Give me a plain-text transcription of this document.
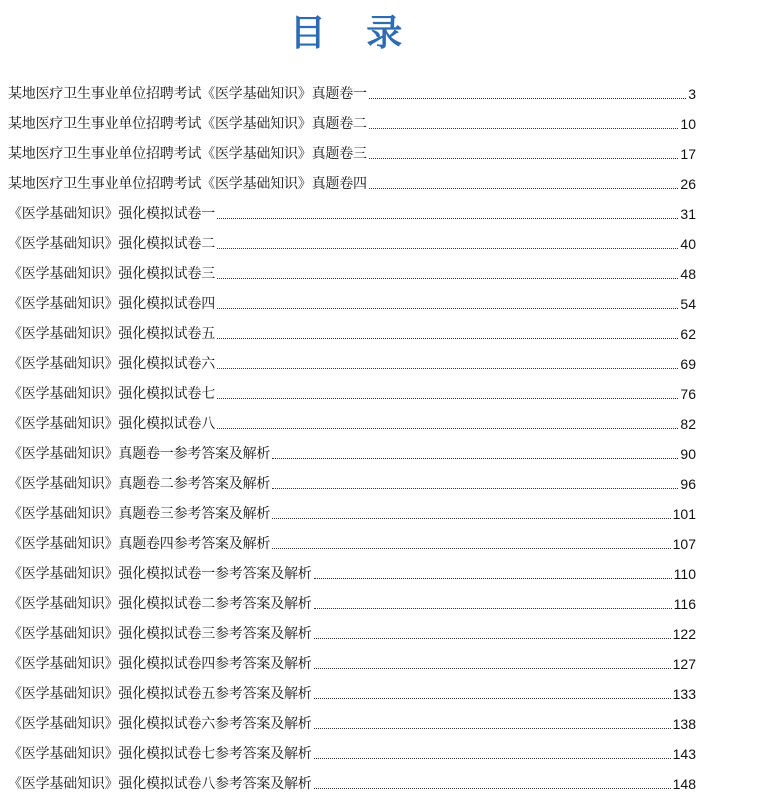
目 录
某地医疗卫生事业单位招聘考试《医学基础知识》真题卷一	3
某地医疗卫生事业单位招聘考试《医学基础知识》真题卷二	10
某地医疗卫生事业单位招聘考试《医学基础知识》真题卷三	17
某地医疗卫生事业单位招聘考试《医学基础知识》真题卷四	26
《医学基础知识》强化模拟试卷一	31
《医学基础知识》强化模拟试卷二	40
《医学基础知识》强化模拟试卷三	48
《医学基础知识》强化模拟试卷四	54
《医学基础知识》强化模拟试卷五	62
《医学基础知识》强化模拟试卷六	69
《医学基础知识》强化模拟试卷七	76
《医学基础知识》强化模拟试卷八	82
《医学基础知识》真题卷一参考答案及解析	90
《医学基础知识》真题卷二参考答案及解析	96
《医学基础知识》真题卷三参考答案及解析	101
《医学基础知识》真题卷四参考答案及解析	107
《医学基础知识》强化模拟试卷一参考答案及解析	110
《医学基础知识》强化模拟试卷二参考答案及解析	116
《医学基础知识》强化模拟试卷三参考答案及解析	122
《医学基础知识》强化模拟试卷四参考答案及解析	127
《医学基础知识》强化模拟试卷五参考答案及解析	133
《医学基础知识》强化模拟试卷六参考答案及解析	138
《医学基础知识》强化模拟试卷七参考答案及解析	143
《医学基础知识》强化模拟试卷八参考答案及解析	148
